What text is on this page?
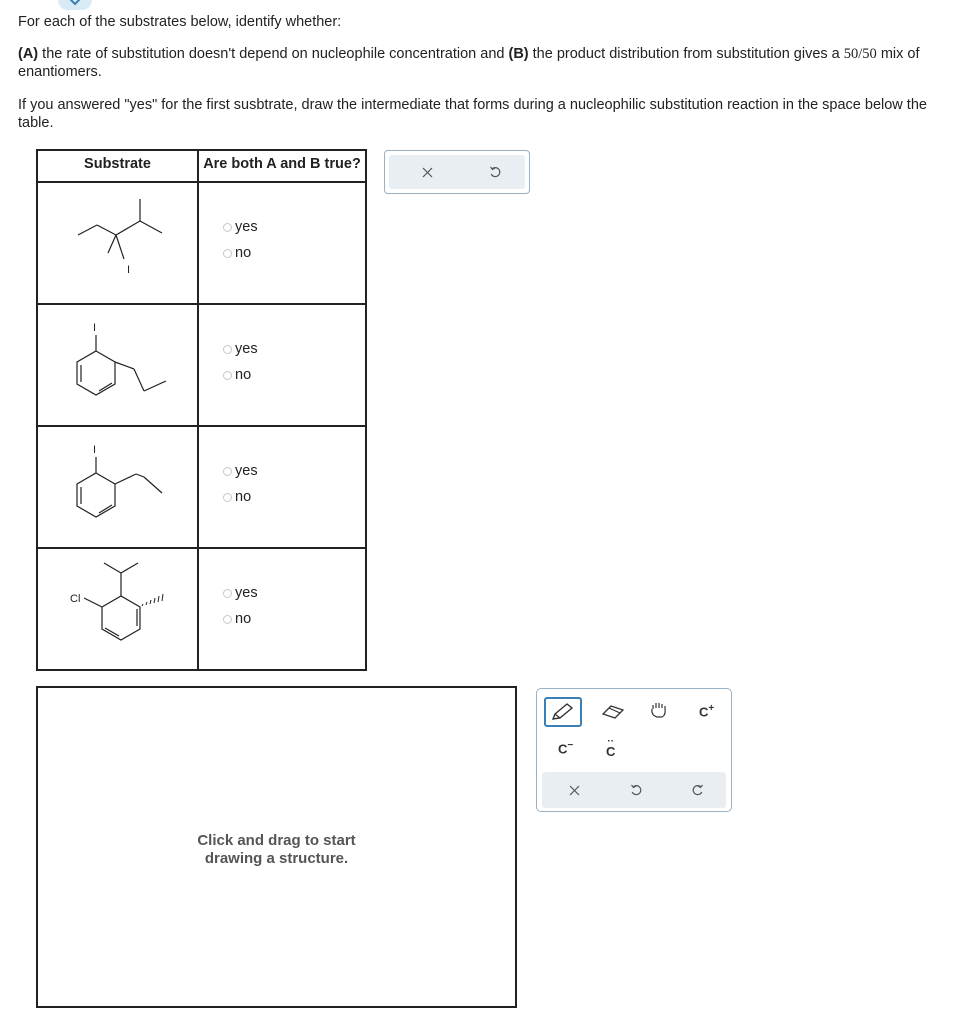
For each of the substrates below, identify whether:

(A) the rate of substitution doesn't depend on nucleophile concentration and (B) the product distribution from substitution gives a 50/50 mix of enantiomers.

If you answered "yes" for the first susbtrate, draw the intermediate that forms during a nucleophilic substitution reaction in the space below the table.

Substrate	Are both A and B true?

I	yes
no

I	yes
no

I	yes
no

Cl	yes
no
Click and drag to start
drawing a structure.
C+
C−	··
C
